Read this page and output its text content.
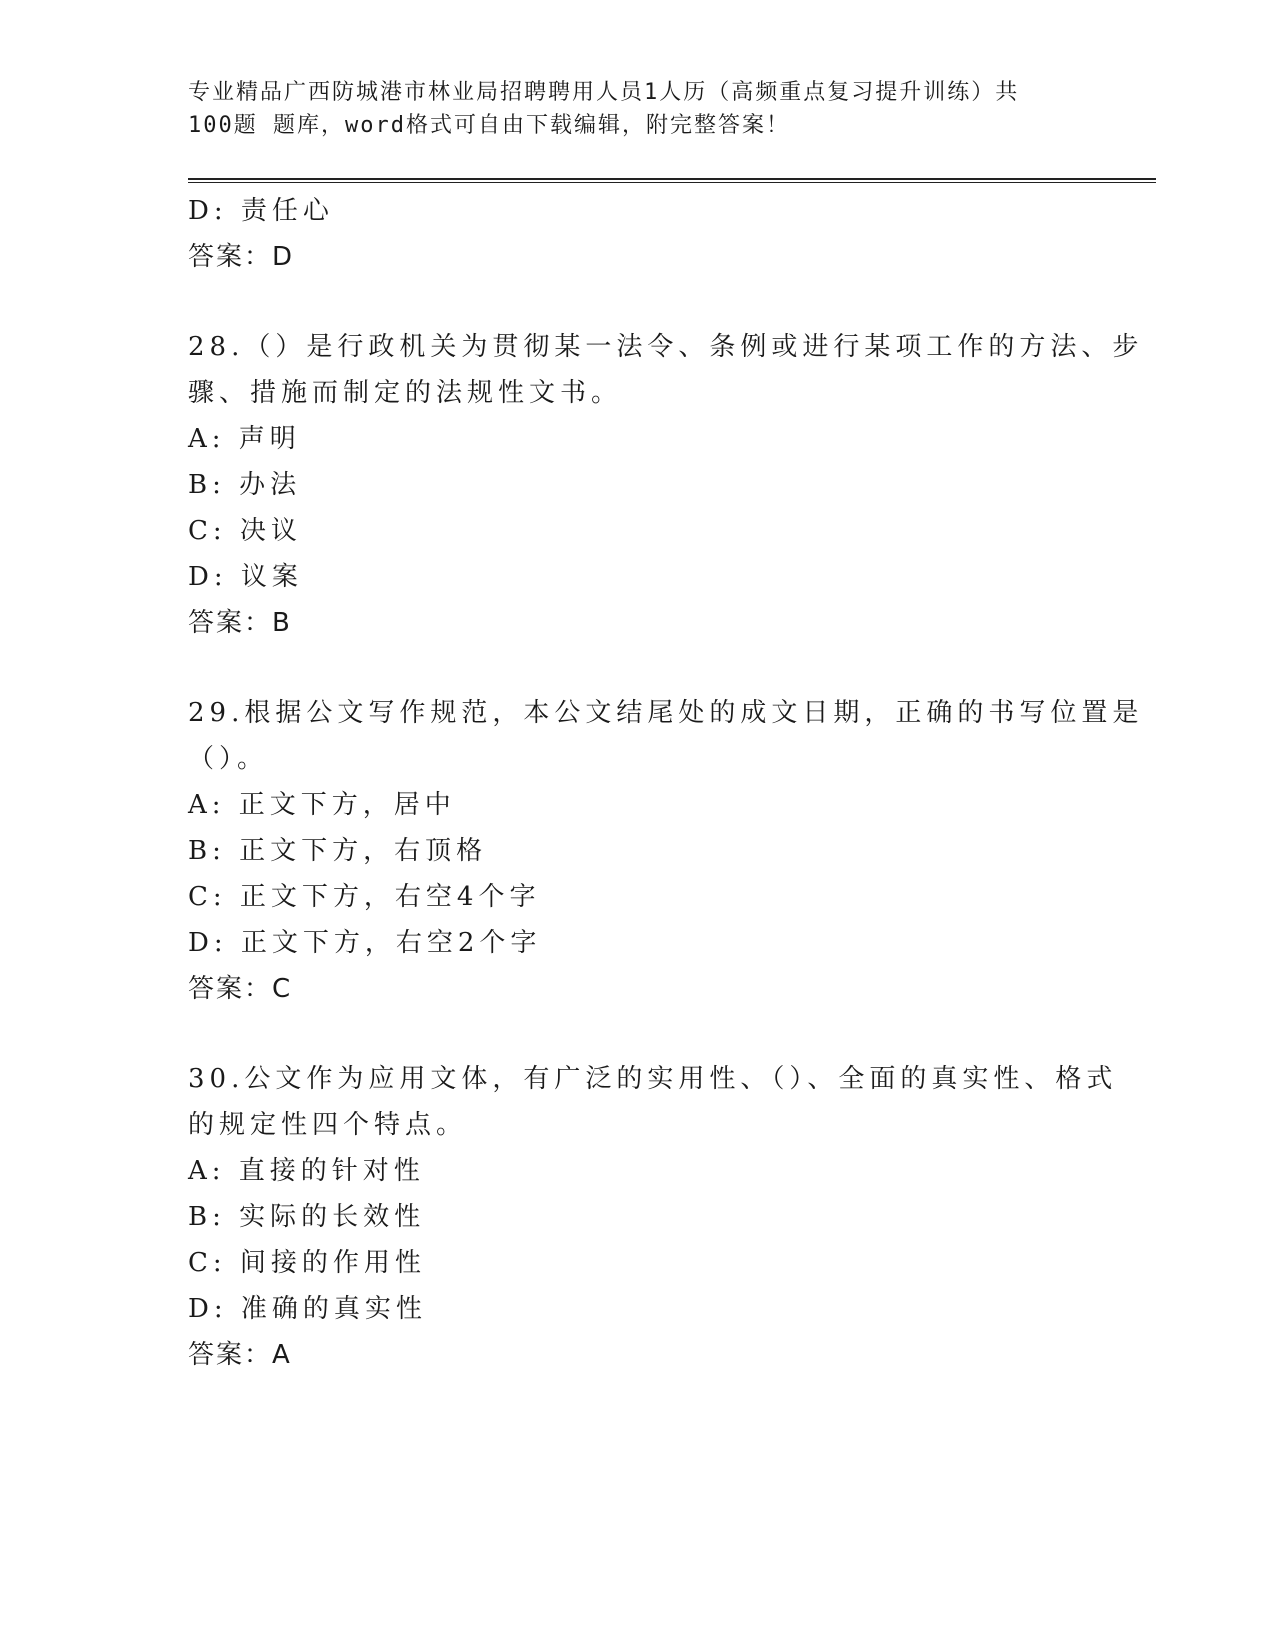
专业精品广西防城港市林业局招聘聘用人员1人历（高频重点复习提升训练）共
100题 题库，word格式可自由下载编辑，附完整答案！
D: 责任心
答案：D
28.（）是行政机关为贯彻某一法令、条例或进行某项工作的方法、步
骤、措施而制定的法规性文书。
A: 声明
B: 办法
C: 决议
D: 议案
答案：B
29.根据公文写作规范，本公文结尾处的成文日期，正确的书写位置是
（）。
A: 正文下方，居中
B: 正文下方，右顶格
C: 正文下方，右空4个字
D: 正文下方，右空2个字
答案：C
30.公文作为应用文体，有广泛的实用性、（）、全面的真实性、格式
的规定性四个特点。
A: 直接的针对性
B: 实际的长效性
C: 间接的作用性
D: 准确的真实性
答案：A
